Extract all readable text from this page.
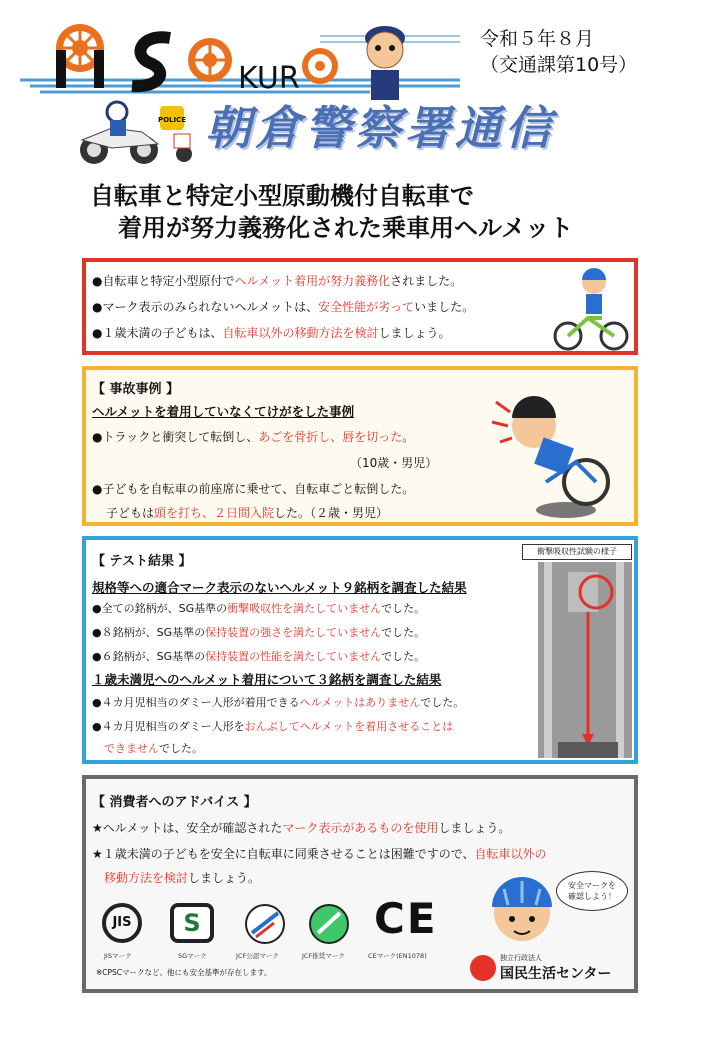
KUR
令和５年８月
（交通課第10号）
POLICE 朝倉警察署通信
自転車と特定小型原動機付自転車で
着用が努力義務化された乗車用ヘルメット
●自転車と特定小型原付でヘルメット着用が努力義務化されました。
●マーク表示のみられないヘルメットは、安全性能が劣っていました。
●１歳未満の子どもは、自転車以外の移動方法を検討しましょう。
【 事故事例 】
ヘルメットを着用していなくてけがをした事例
●トラックと衝突して転倒し、あごを骨折し、唇を切った。
（10歳・男児）
●子どもを自転車の前座席に乗せて、自転車ごと転倒した。
子どもは頭を打ち、２日間入院した。（２歳・男児）
【 テスト結果 】
規格等への適合マーク表示のないヘルメット９銘柄を調査した結果
●全ての銘柄が、SG基準の衝撃吸収性を満たしていませんでした。
●８銘柄が、SG基準の保持装置の強さを満たしていませんでした。
●６銘柄が、SG基準の保持装置の性能を満たしていませんでした。
１歳未満児へのヘルメット着用について３銘柄を調査した結果
●４カ月児相当のダミー人形が着用できるヘルメットはありませんでした。
●４カ月児相当のダミー人形をおんぶしてヘルメットを着用させることは
できませんでした。
衝撃吸収性試験の様子
【 消費者へのアドバイス 】
★ヘルメットは、安全が確認されたマーク表示があるものを使用しましょう。
★１歳未満の子どもを安全に自転車に同乗させることは困難ですので、自転車以外の
移動方法を検討しましょう。
JIS	S	CE
JISマーク	SGマーク	JCF公認マーク	JCF推奨マーク	CEマーク(EN1078)
※CPSCマークなど、他にも安全基準が存在します。
安全マークを
確認しよう！
独立行政法人
国民生活センター
